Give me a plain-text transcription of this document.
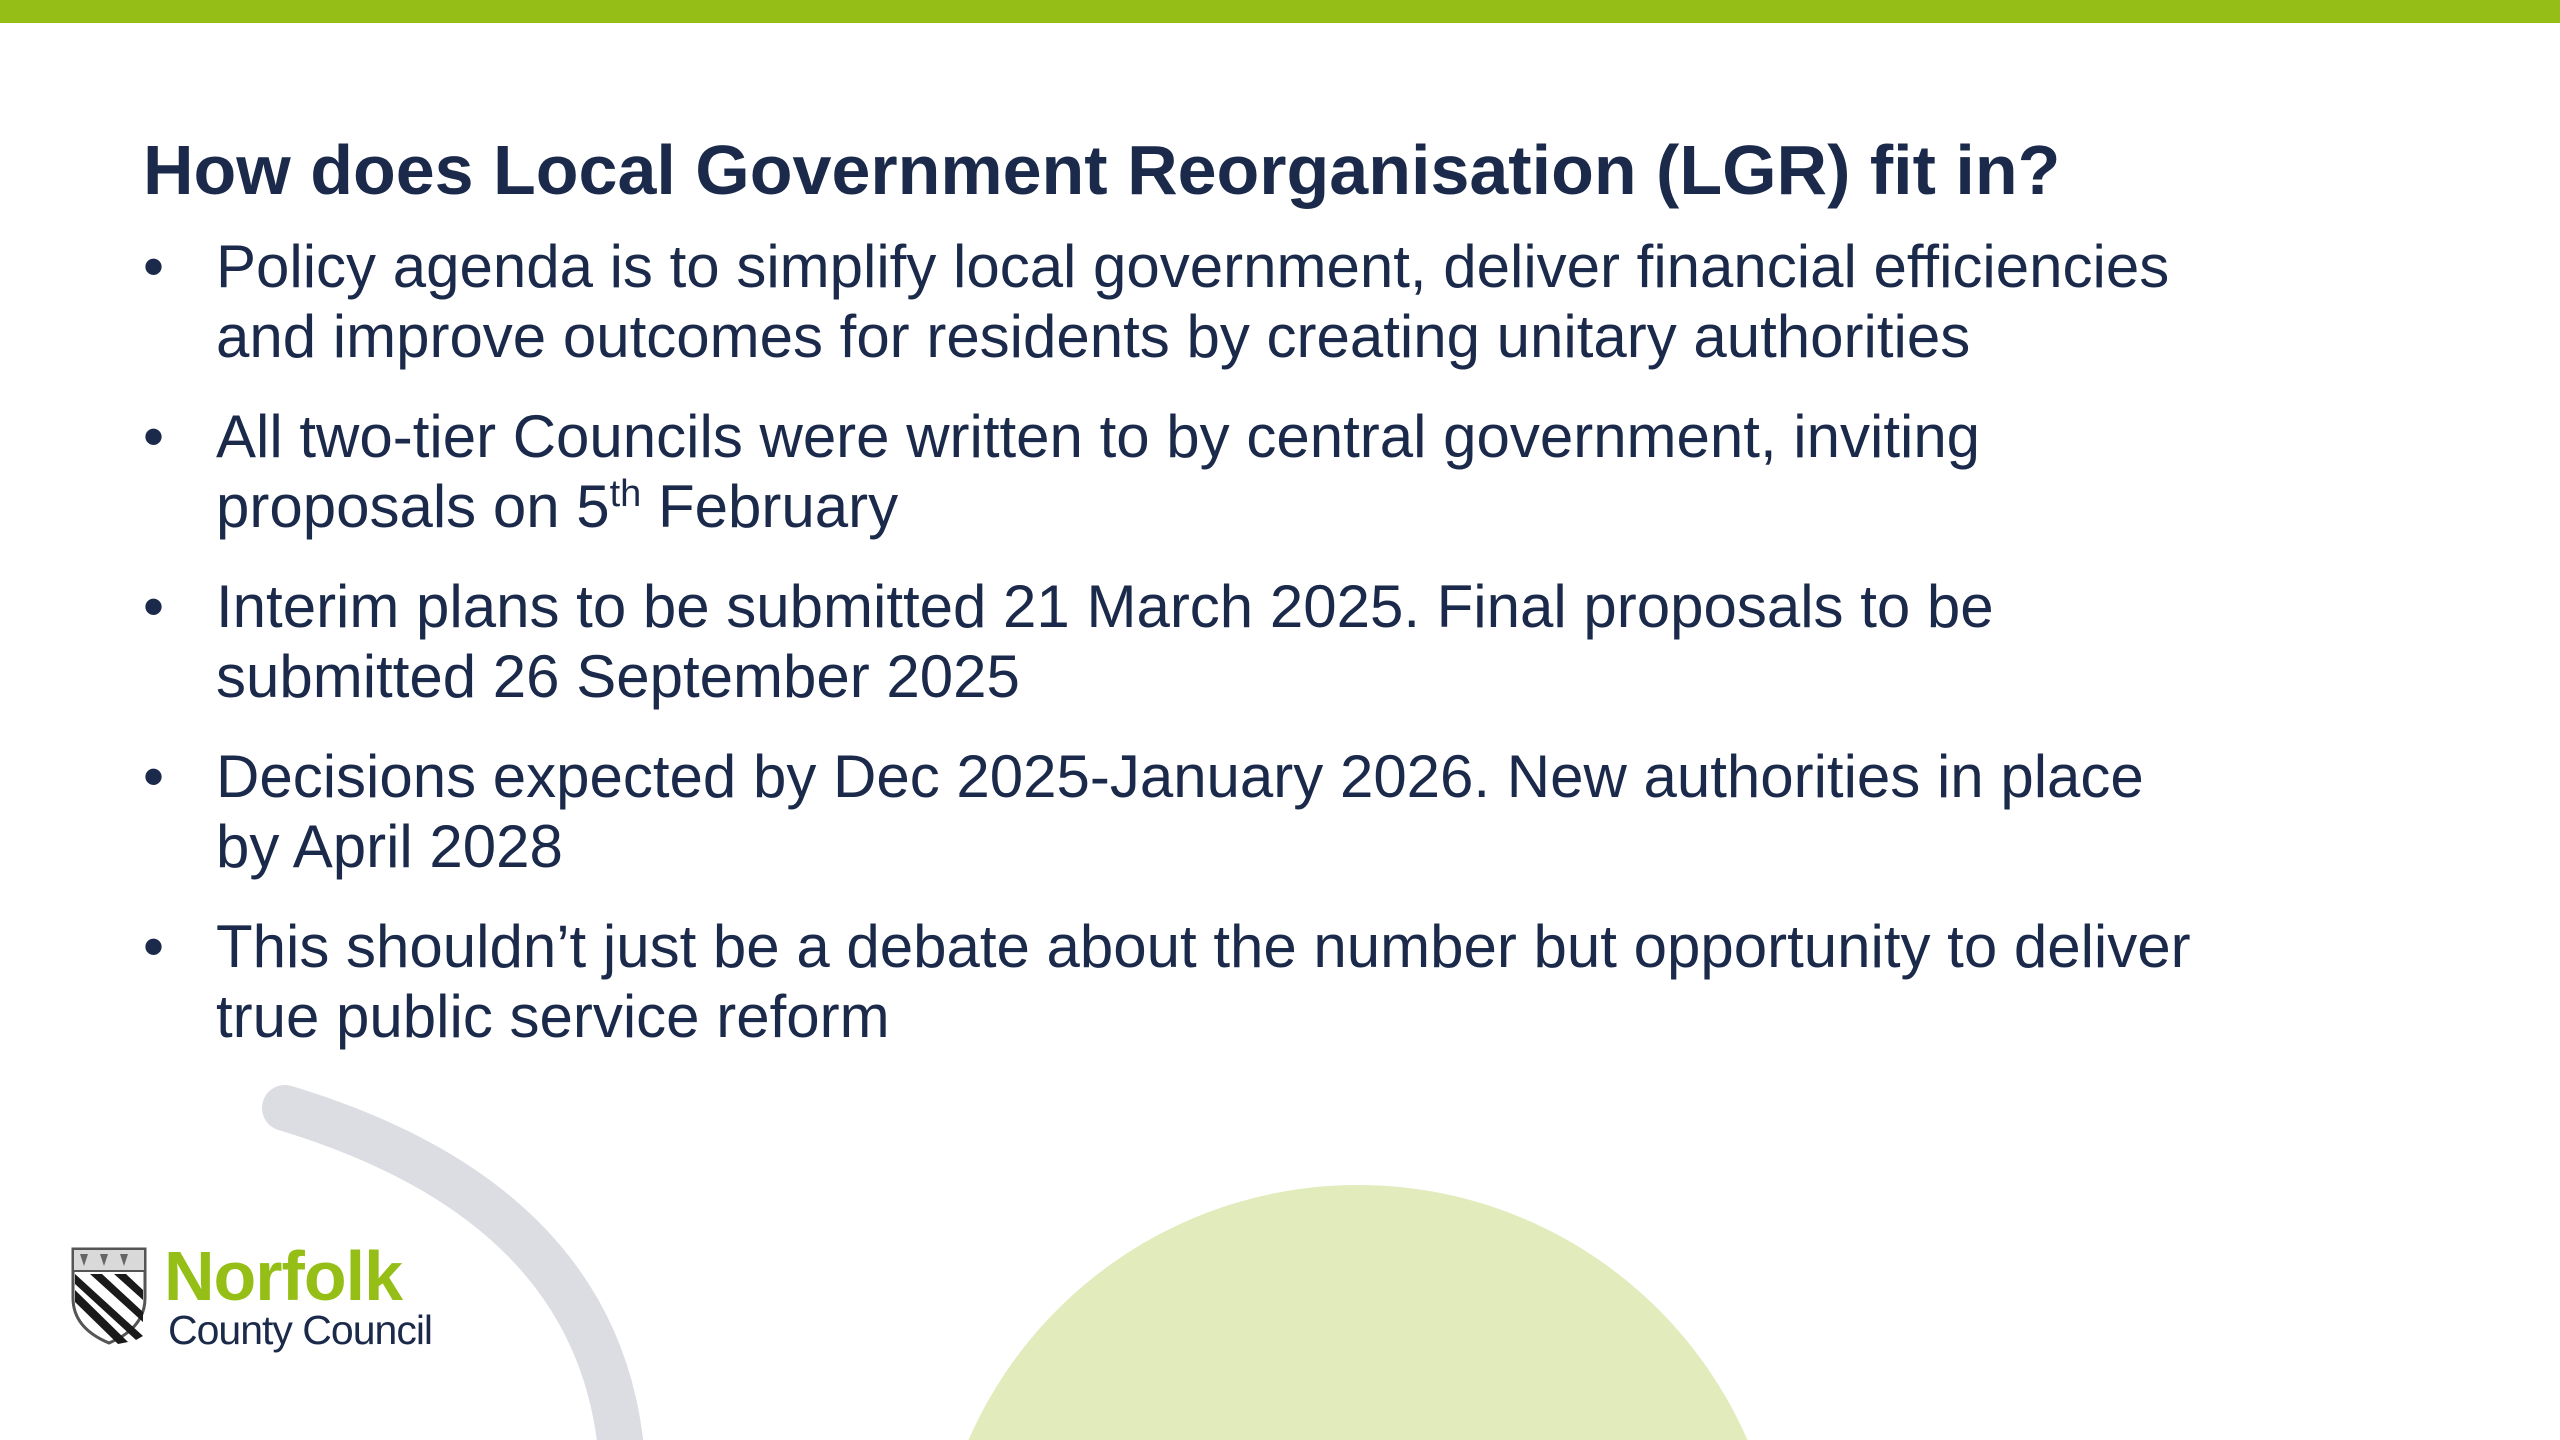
How does Local Government Reorganisation (LGR) fit in?
• Policy agenda is to simplify local government, deliver financial efficiencies and improve outcomes for residents by creating unitary authorities
• All two-tier Councils were written to by central government, inviting proposals on 5th February
• Interim plans to be submitted 21 March 2025. Final proposals to be submitted 26 September 2025
• Decisions expected by Dec 2025-January 2026. New authorities in place by April 2028
• This shouldn’t just be a debate about the number but opportunity to deliver true public service reform
Norfolk
County Council
